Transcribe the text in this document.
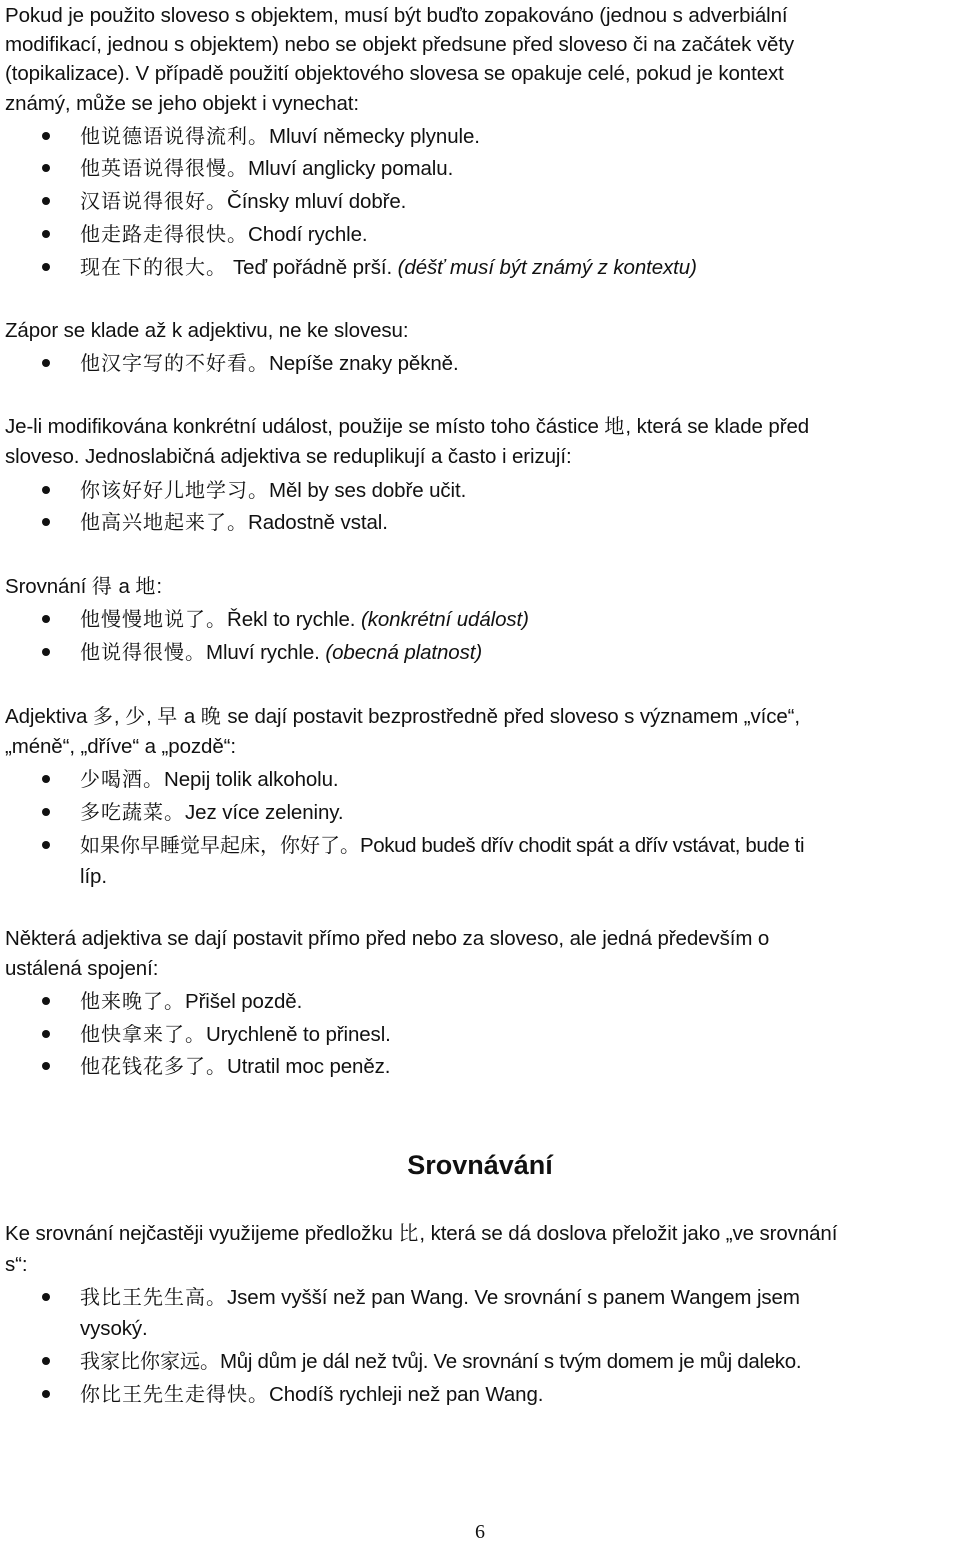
Pokud je použito sloveso s objektem, musí být buďto zopakováno (jednou s adverbiální
modifikací, jednou s objektem) nebo se objekt předsune před sloveso či na začátek věty
(topikalizace). V případě použití objektového slovesa se opakuje celé, pokud je kontext
známý, může se jeho objekt i vynechat:
他说德语说得流利。Mluví německy plynule.
他英语说得很慢。Mluví anglicky pomalu.
汉语说得很好。Čínsky mluví dobře.
他走路走得很快。Chodí rychle.
现在下的很大。 Teď pořádně prší. (déšť musí být známý z kontextu)
Zápor se klade až k adjektivu, ne ke slovesu:
他汉字写的不好看。Nepíše znaky pěkně.
Je-li modifikována konkrétní událost, použije se místo toho částice 地, která se klade před
sloveso. Jednoslabičná adjektiva se reduplikují a často i erizují:
你该好好儿地学习。Měl by ses dobře učit.
他高兴地起来了。Radostně vstal.
Srovnání 得 a 地:
他慢慢地说了。Řekl to rychle. (konkrétní událost)
他说得很慢。Mluví rychle. (obecná platnost)
Adjektiva 多, 少, 早 a 晚 se dají postavit bezprostředně před sloveso s významem „více“,
„méně“, „dříve“ a „pozdě“:
少喝酒。Nepij tolik alkoholu.
多吃蔬菜。Jez více zeleniny.
如果你早睡觉早起床，你好了。Pokud budeš dřív chodit spát a dřív vstávat, bude ti
líp.
Některá adjektiva se dají postavit přímo před nebo za sloveso, ale jedná především o
ustálená spojení:
他来晚了。Přišel pozdě.
他快拿来了。Urychleně to přinesl.
他花钱花多了。Utratil moc peněz.
Srovnávání
Ke srovnání nejčastěji využijeme předložku 比, která se dá doslova přeložit jako „ve srovnání
s“:
我比王先生高。Jsem vyšší než pan Wang. Ve srovnání s panem Wangem jsem
vysoký.
我家比你家远。Můj dům je dál než tvůj. Ve srovnání s tvým domem je můj daleko.
你比王先生走得快。Chodíš rychleji než pan Wang.
6
